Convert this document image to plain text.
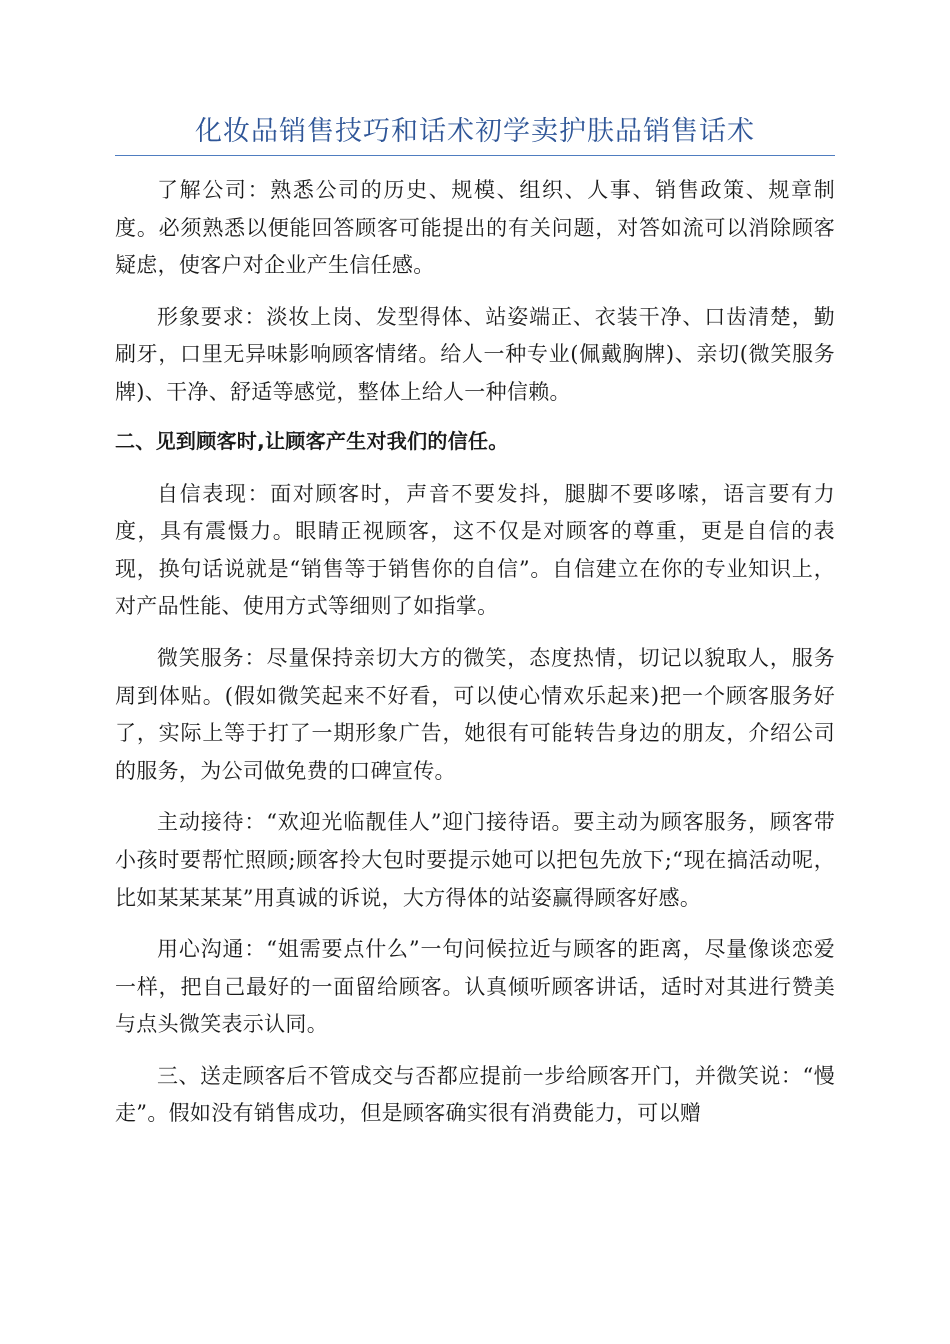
化妆品销售技巧和话术初学卖护肤品销售话术

了解公司：熟悉公司的历史、规模、组织、人事、销售政策、规章制度。必须熟悉以便能回答顾客可能提出的有关问题，对答如流可以消除顾客疑虑，使客户对企业产生信任感。

形象要求：淡妆上岗、发型得体、站姿端正、衣装干净、口齿清楚，勤刷牙，口里无异味影响顾客情绪。给人一种专业(佩戴胸牌)、亲切(微笑服务牌)、干净、舒适等感觉，整体上给人一种信赖。

二、见到顾客时,让顾客产生对我们的信任。

自信表现：面对顾客时，声音不要发抖，腿脚不要哆嗦，语言要有力度，具有震慑力。眼睛正视顾客，这不仅是对顾客的尊重，更是自信的表现，换句话说就是“销售等于销售你的自信”。自信建立在你的专业知识上，对产品性能、使用方式等细则了如指掌。

微笑服务：尽量保持亲切大方的微笑，态度热情，切记以貌取人，服务周到体贴。(假如微笑起来不好看，可以使心情欢乐起来)把一个顾客服务好了，实际上等于打了一期形象广告，她很有可能转告身边的朋友，介绍公司的服务，为公司做免费的口碑宣传。

主动接待：“欢迎光临靓佳人”迎门接待语。要主动为顾客服务，顾客带小孩时要帮忙照顾;顾客拎大包时要提示她可以把包先放下;“现在搞活动呢，比如某某某某”用真诚的诉说，大方得体的站姿赢得顾客好感。

用心沟通：“姐需要点什么”一句问候拉近与顾客的距离，尽量像谈恋爱一样，把自己最好的一面留给顾客。认真倾听顾客讲话，适时对其进行赞美与点头微笑表示认同。

三、送走顾客后不管成交与否都应提前一步给顾客开门，并微笑说：“慢走”。假如没有销售成功，但是顾客确实很有消费能力，可以赠
